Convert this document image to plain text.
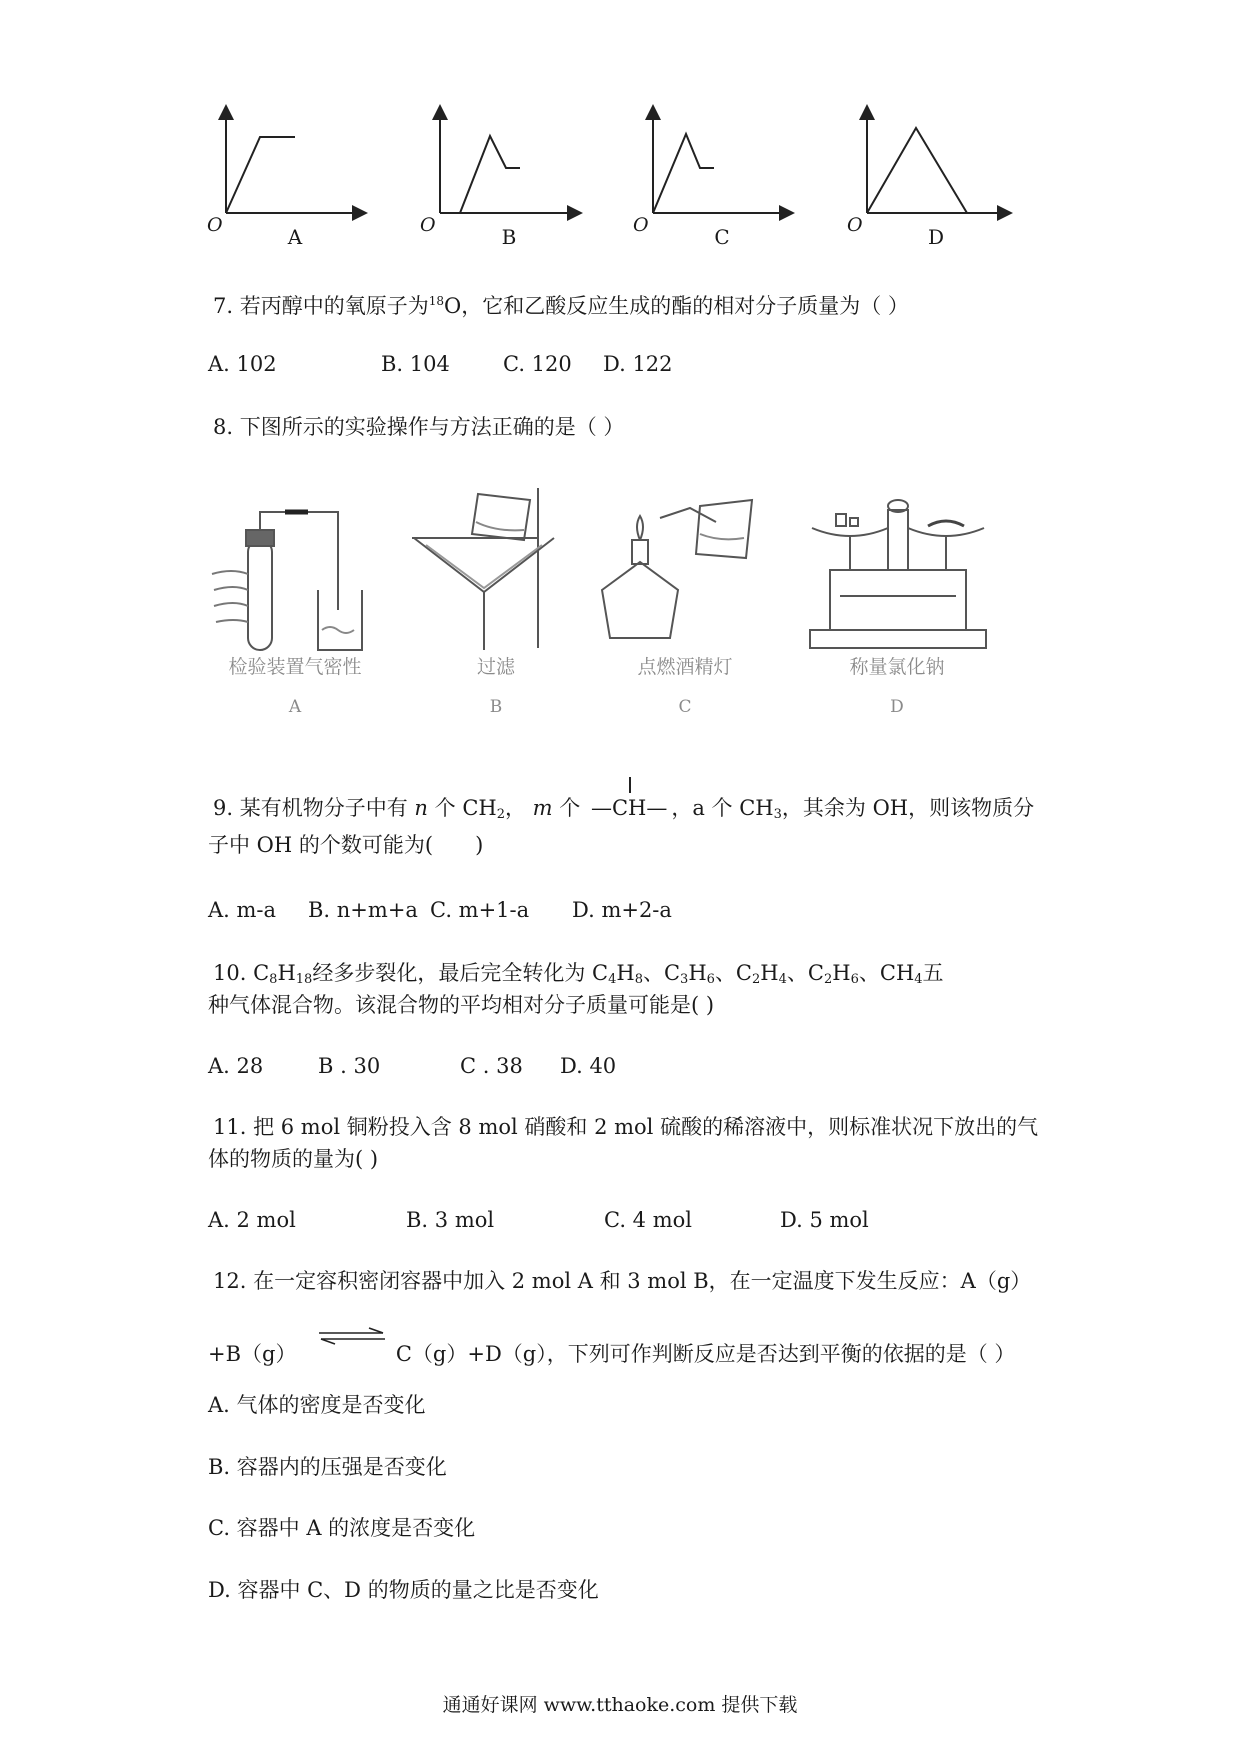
O	O	O	O
A	B	C	D
7. 若丙醇中的氧原子为$^{18}$O，它和乙酸反应生成的酯的相对分子质量为（ ）
A. 102	B. 104	C. 120 D. 122
8. 下图所示的实验操作与方法正确的是（ ）
检验装置气密性	过滤	点燃酒精灯	称量氯化钠
A	B	C	D
9. 某有机物分子中有 n 个 $CH_2$， m 个 —CH— ，a 个 $CH_3$，其余为 OH，则该物质分
子中 OH 的个数可能为(　　)
A. m-a B. n+m+a C. m+1-a D. m+2-a
10. $C_8H_{18}$经多步裂化，最后完全转化为 $C_4H_8$、$C_3H_6$、$C_2H_4$、$C_2H_6$、$CH_4$五
种气体混合物。该混合物的平均相对分子质量可能是( )
A. 28	B . 30	C . 38 D. 40
11. 把 6 mol 铜粉投入含 8 mol 硝酸和 2 mol 硫酸的稀溶液中，则标准状况下放出的气
体的物质的量为( )
A. 2 mol	B. 3 mol	C. 4 mol	D. 5 mol
12. 在一定容积密闭容器中加入 2 mol A 和 3 mol B，在一定温度下发生反应：A（g）
+B（g）	C（g）+D（g），下列可作判断反应是否达到平衡的依据的是（ ）
A. 气体的密度是否变化
B. 容器内的压强是否变化
C. 容器中 A 的浓度是否变化
D. 容器中 C、D 的物质的量之比是否变化
通通好课网 www.tthaoke.com 提供下载
